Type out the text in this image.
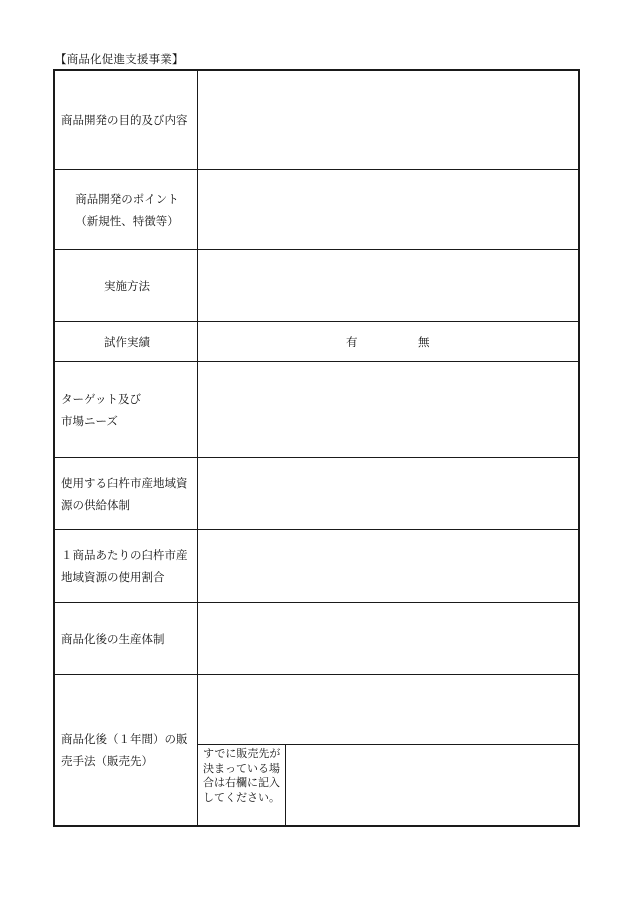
【商品化促進支援事業】
商品開発の目的及び内容		

商品開発のポイント
（新規性、特徴等）		

実施方法		
試作実績	有 無	

ターゲット及び
市場ニーズ		

使用する臼杵市産地域資源の供給体制		
１商品あたりの臼杵市産地域資源の使用割合		
商品化後の生産体制		
商品化後（１年間）の販売手法（販売先）		
	すでに販売先が決まっている場合は右欄に記入してください。	
